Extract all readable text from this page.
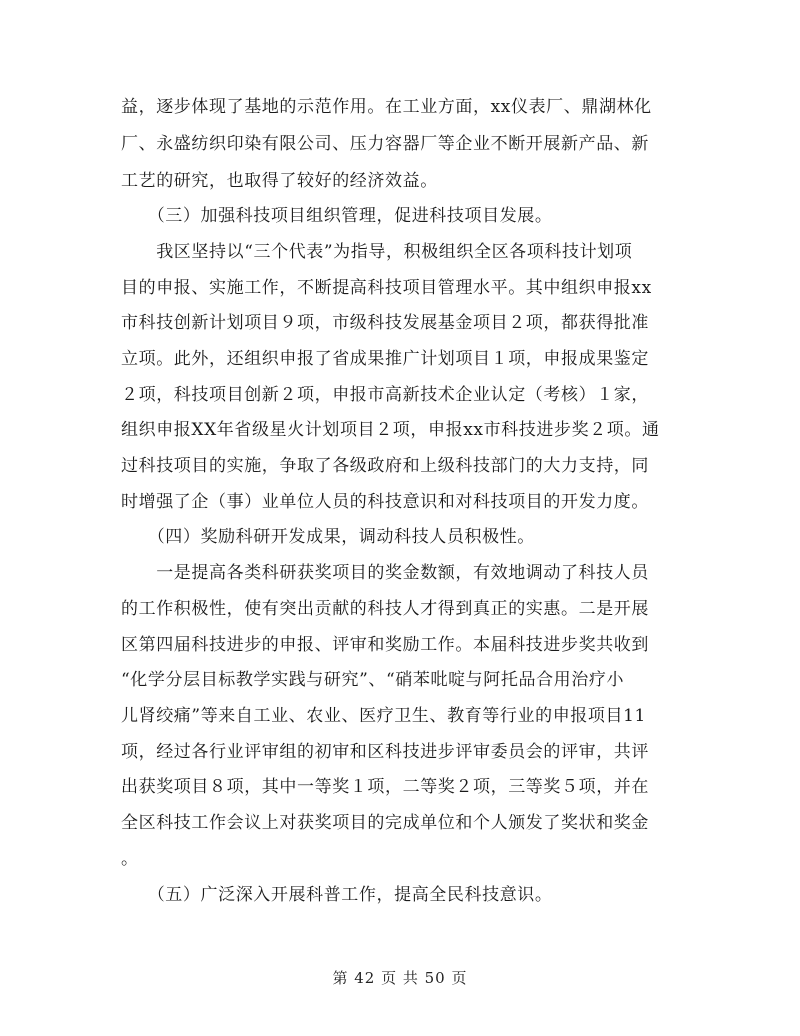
益，逐步体现了基地的示范作用。在工业方面，xx仪表厂、鼎湖林化
厂、永盛纺织印染有限公司、压力容器厂等企业不断开展新产品、新
工艺的研究，也取得了较好的经济效益。
　　（三）加强科技项目组织管理，促进科技项目发展。
　　我区坚持以“三个代表”为指导，积极组织全区各项科技计划项
目的申报、实施工作，不断提高科技项目管理水平。其中组织申报xx
市科技创新计划项目９项，市级科技发展基金项目２项，都获得批准
立项。此外，还组织申报了省成果推广计划项目１项，申报成果鉴定
２项，科技项目创新２项，申报市高新技术企业认定（考核）１家，
组织申报XX年省级星火计划项目２项，申报xx市科技进步奖２项。通
过科技项目的实施，争取了各级政府和上级科技部门的大力支持，同
时增强了企（事）业单位人员的科技意识和对科技项目的开发力度。
　　（四）奖励科研开发成果，调动科技人员积极性。
　　一是提高各类科研获奖项目的奖金数额，有效地调动了科技人员
的工作积极性，使有突出贡献的科技人才得到真正的实惠。二是开展
区第四届科技进步的申报、评审和奖励工作。本届科技进步奖共收到
“化学分层目标教学实践与研究”、“硝苯吡啶与阿托品合用治疗小
儿肾绞痛”等来自工业、农业、医疗卫生、教育等行业的申报项目11
项，经过各行业评审组的初审和区科技进步评审委员会的评审，共评
出获奖项目８项，其中一等奖１项，二等奖２项，三等奖５项，并在
全区科技工作会议上对获奖项目的完成单位和个人颁发了奖状和奖金
。
　　（五）广泛深入开展科普工作，提高全民科技意识。
第 42 页 共 50 页
